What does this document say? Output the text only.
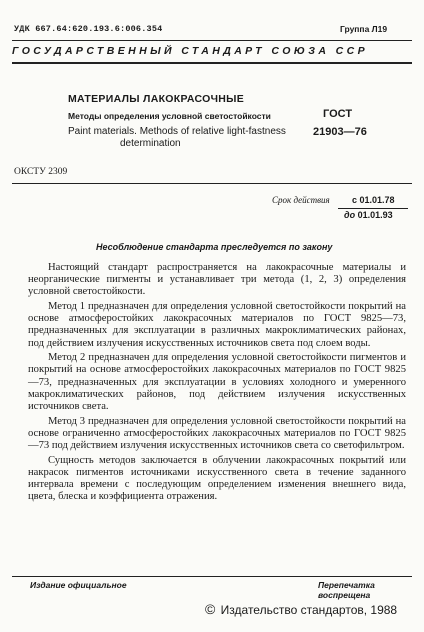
УДК 667.64:620.193.6:006.354	Группа Л19
ГОСУДАРСТВЕННЫЙ СТАНДАРТ СОЮЗА ССР
МАТЕРИАЛЫ ЛАКОКРАСОЧНЫЕ
Методы определения условной светостойкости
Paint materials. Methods of relative light-fastness
determination
ГОСТ
21903—76
ОКСТУ 2309
Срок действия с 01.01.78
до 01.01.93
Несоблюдение стандарта преследуется по закону

Настоящий стандарт распространяется на лакокрасочные материалы и неорганические пигменты и устанавливает три метода (1, 2, 3) определения условной светостойкости.

Метод 1 предназначен для определения условной светостойкости покрытий на основе атмосферостойких лакокрасочных материалов по ГОСТ 9825—73, предназначенных для эксплуатации в различных макроклиматических районах, под действием излучения искусственных источников света под слоем воды.

Метод 2 предназначен для определения условной светостойкости пигментов и покрытий на основе атмосферостойких лакокрасочных материалов по ГОСТ 9825—73, предназначенных для эксплуатации в условиях холодного и умеренного макроклиматических районов, под действием излучения искусственных источников света.

Метод 3 предназначен для определения условной светостойкости покрытий на основе ограниченно атмосферостойких лакокрасочных материалов по ГОСТ 9825—73 под действием излучения искусственных источников света со светофильтром.

Сущность методов заключается в облучении лакокрасочных покрытий или накрасок пигментов источниками искусственного света в течение заданного интервала времени с последующим определением изменения внешнего вида, цвета, блеска и коэффициента отражения.

Издание официальное	Перепечатка воспрещена
© Издательство стандартов, 1988
